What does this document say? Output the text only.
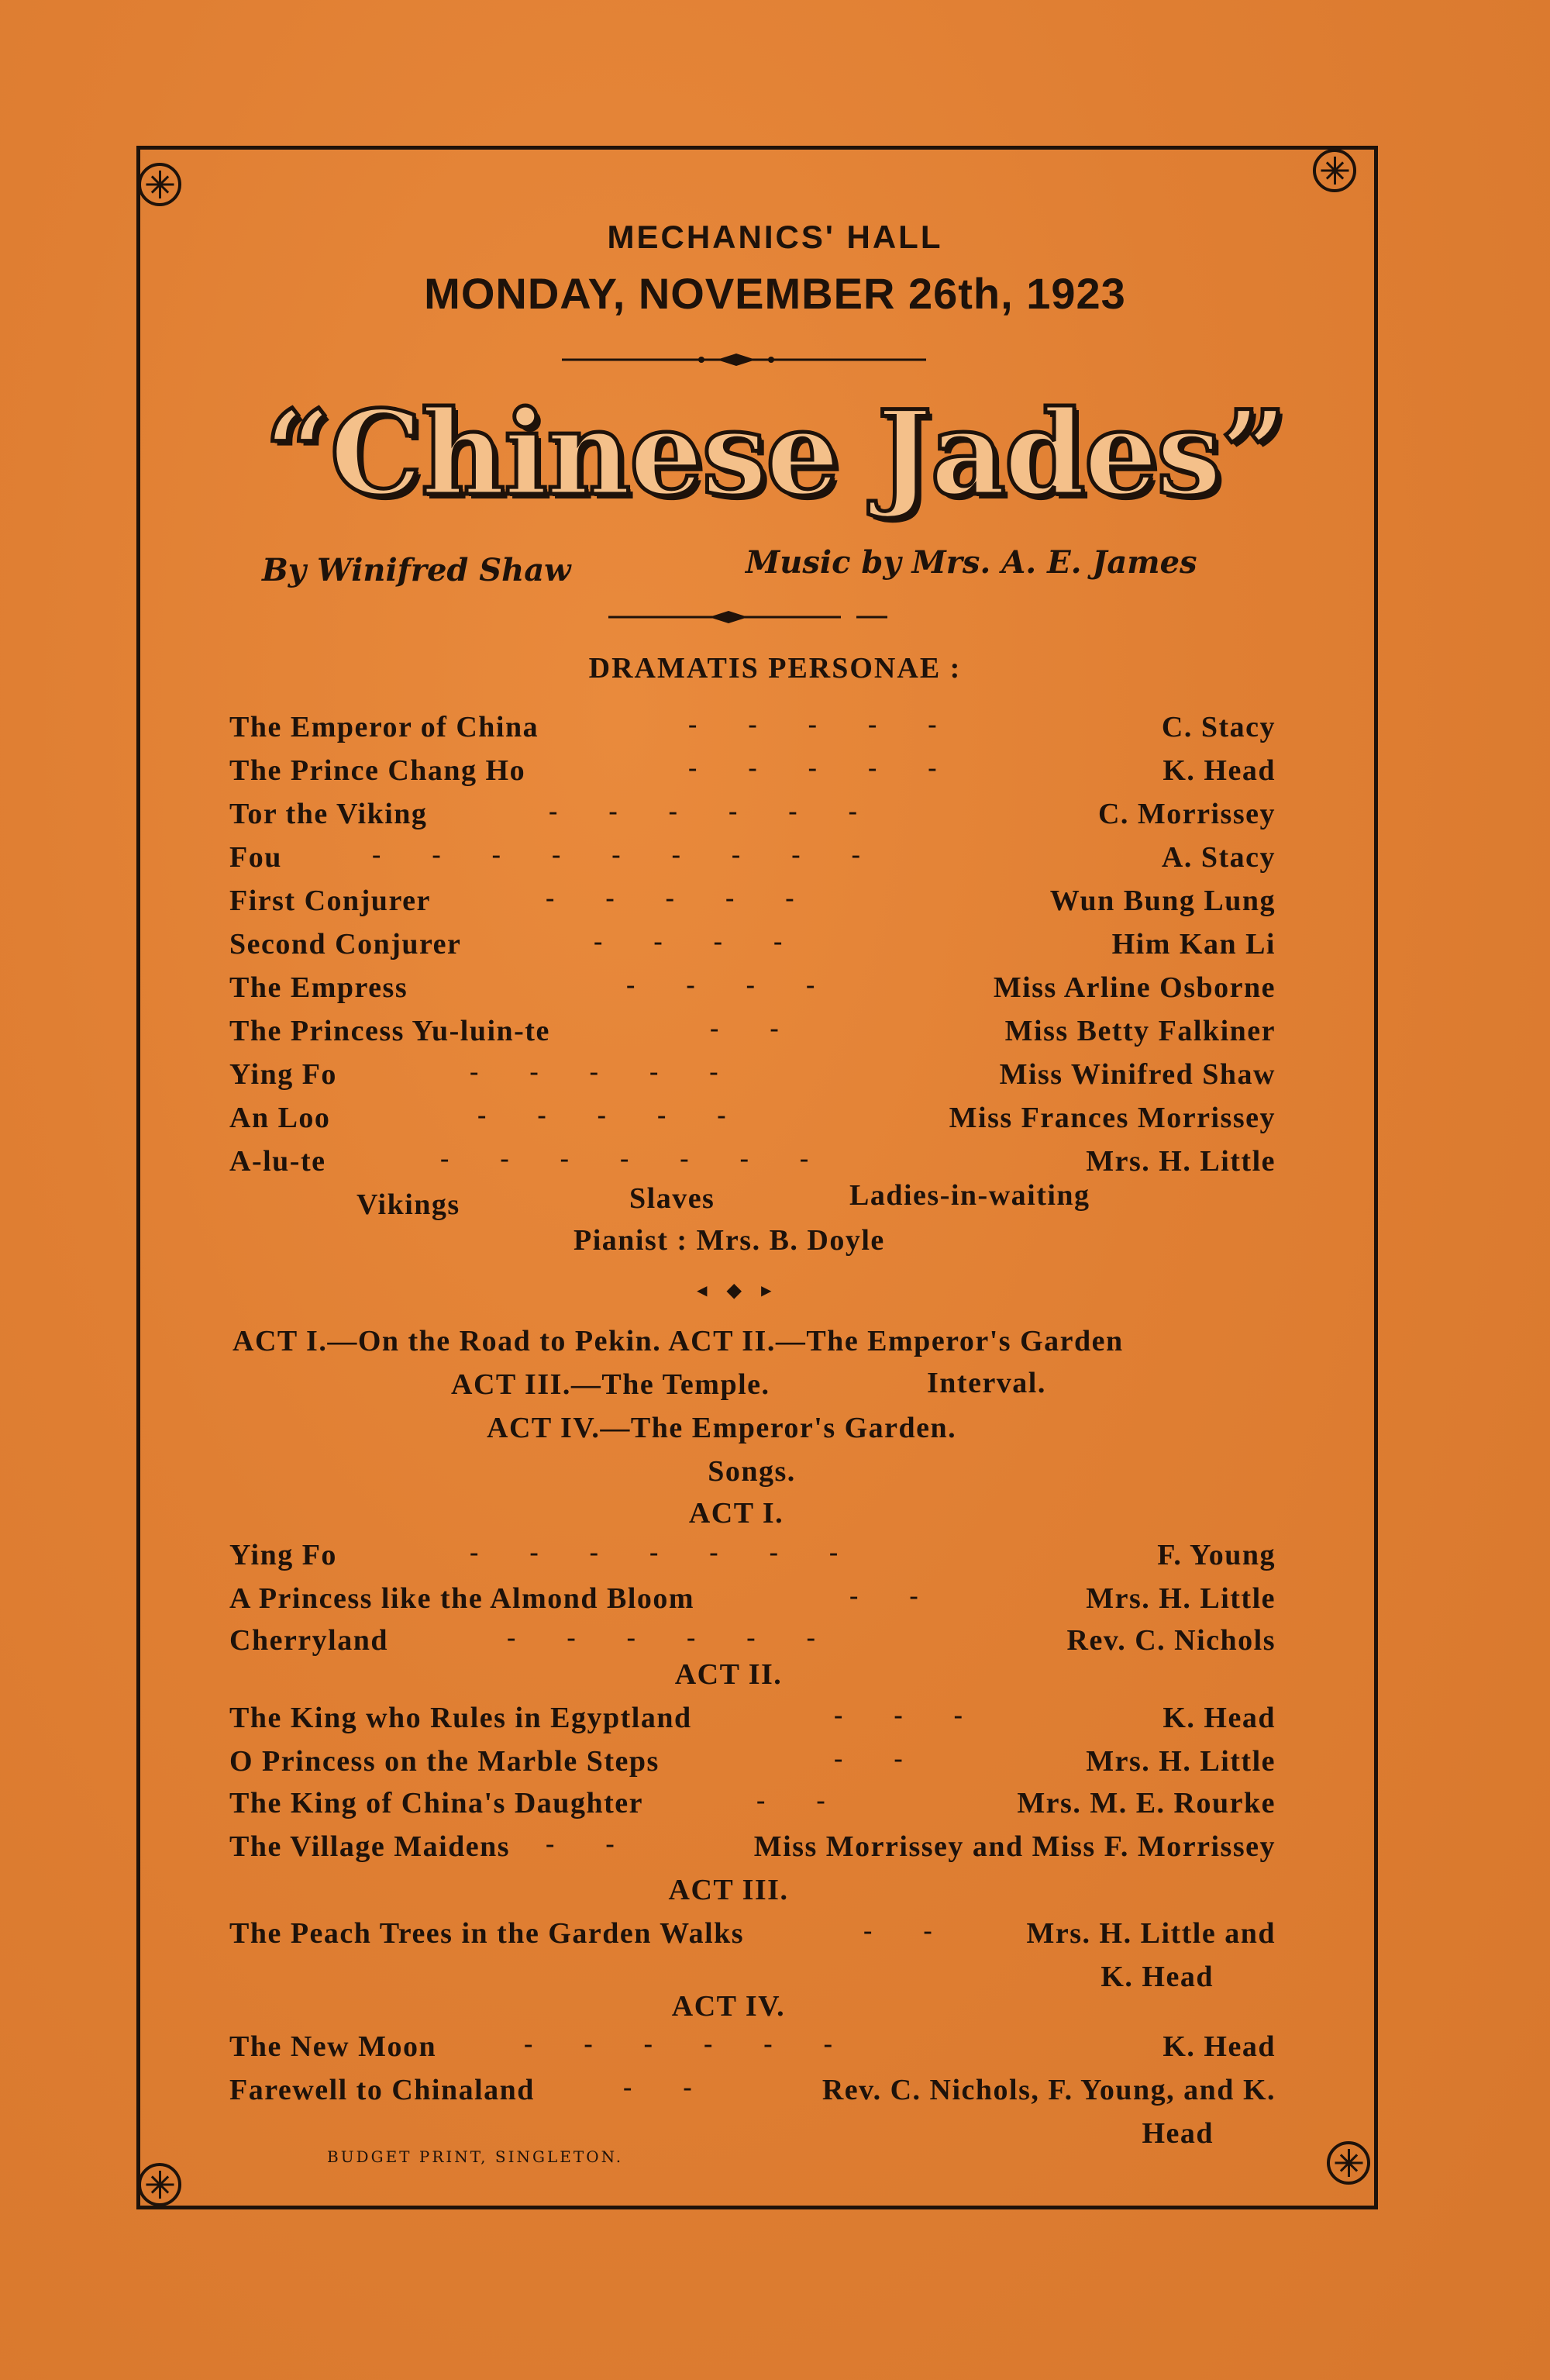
MECHANICS' HALL
MONDAY, NOVEMBER 26th, 1923
“Chinese Jades”
By Winifred Shaw	Music by Mrs. A. E. James
DRAMATIS PERSONAE :
The Emperor of China	-----	C. Stacy
The Prince Chang Ho	-----	K. Head
Tor the Viking	------	C. Morrissey
Fou	---------	A. Stacy
First Conjurer	-----	Wun Bung Lung
Second Conjurer	----	Him Kan Li
The Empress	----	Miss Arline Osborne
The Princess Yu-luin-te	--	Miss Betty Falkiner
Ying Fo	-----	Miss Winifred Shaw
An Loo	-----	Miss Frances Morrissey
A-lu-te	-------	Mrs. H. Little
Vikings	Slaves	Ladies-in-waiting
Pianist : Mrs. B. Doyle
◂◆▸
ACT I.—On the Road to Pekin. ACT II.—The Emperor's Garden
ACT III.—The Temple.	Interval.
ACT IV.—The Emperor's Garden.
Songs.
ACT I.
Ying Fo	-------	F. Young
A Princess like the Almond Bloom	--	Mrs. H. Little
Cherryland	------	Rev. C. Nichols
ACT II.
The King who Rules in Egyptland	---	K. Head
O Princess on the Marble Steps	--	Mrs. H. Little
The King of China's Daughter	--	Mrs. M. E. Rourke
The Village Maidens --	Miss Morrissey and Miss F. Morrissey
ACT III.
The Peach Trees in the Garden Walks	-- Mrs. H. Little and
K. Head
ACT IV.
The New Moon	------	K. Head
Farewell to Chinaland	--	Rev. C. Nichols, F. Young, and K.
Head
BUDGET PRINT, SINGLETON.
